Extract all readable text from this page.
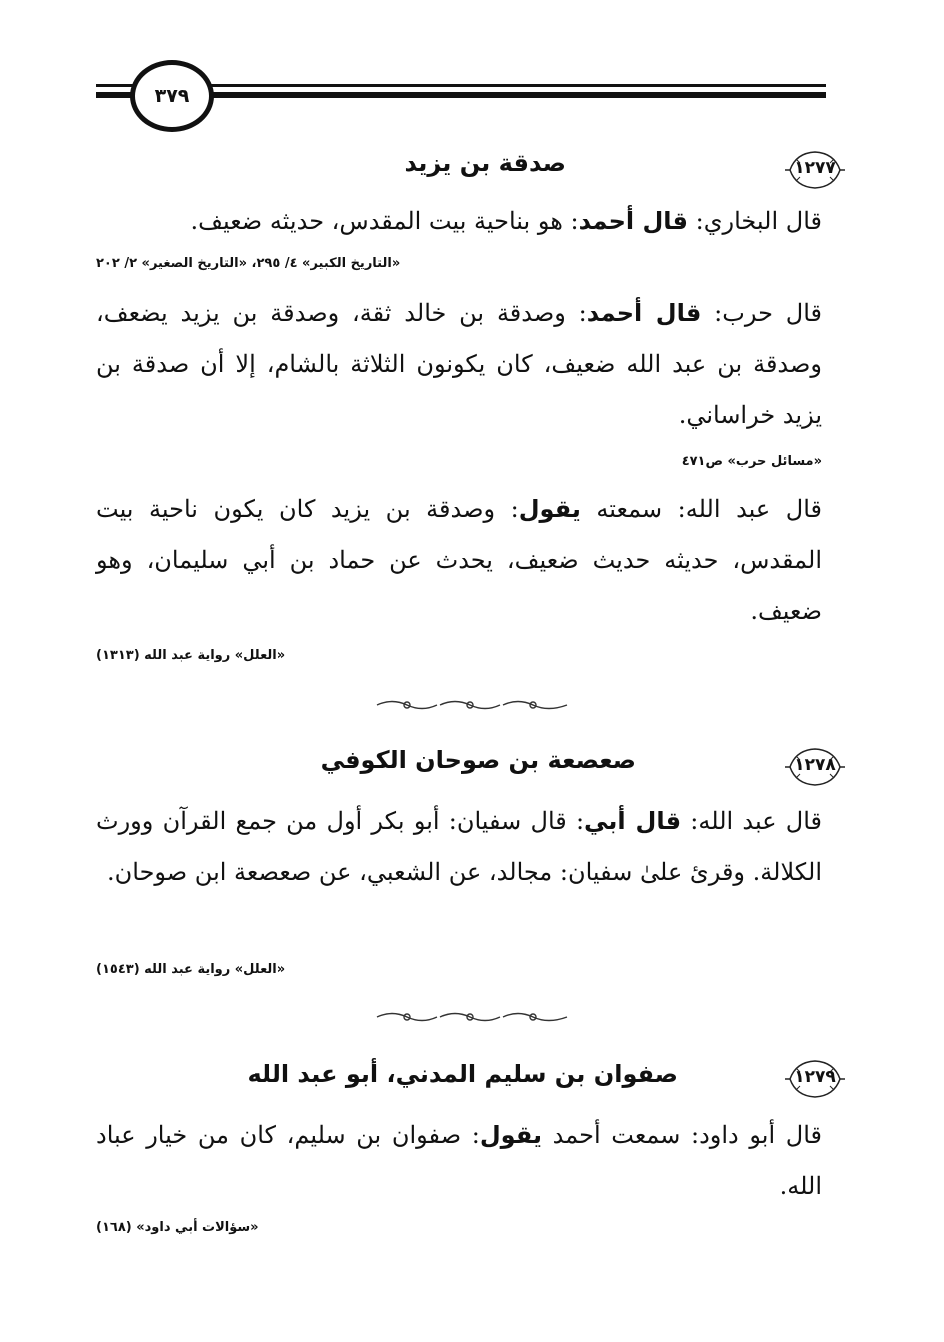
٣٧٩
١٢٧٧
صدقة بن يزيد
قال البخاري: قال أحمد: هو بناحية بيت المقدس، حديثه ضعيف.
«التاريخ الكبير» ٤/ ٢٩٥، «التاريخ الصغير» ٢/ ٢٠٢
قال حرب: قال أحمد: وصدقة بن خالد ثقة، وصدقة بن يزيد يضعف، وصدقة بن عبد الله ضعيف، كان يكونون الثلاثة بالشام، إلا أن صدقة بن يزيد خراساني.
«مسائل حرب» ص٤٧١
قال عبد الله: سمعته يقول: وصدقة بن يزيد كان يكون ناحية بيت المقدس، حديثه حديث ضعيف، يحدث عن حماد بن أبي سليمان، وهو ضعيف.
«العلل» رواية عبد الله (١٣١٣)
١٢٧٨
صعصعة بن صوحان الكوفي
قال عبد الله: قال أبي: قال سفيان: أبو بكر أول من جمع القرآن وورث الكلالة. وقرئ علىٰ سفيان: مجالد، عن الشعبي، عن صعصعة ابن صوحان.
«العلل» رواية عبد الله (١٥٤٣)
١٢٧٩
صفوان بن سليم المدني، أبو عبد الله
قال أبو داود: سمعت أحمد يقول: صفوان بن سليم، كان من خيار عباد الله.
«سؤالات أبي داود» (١٦٨)
